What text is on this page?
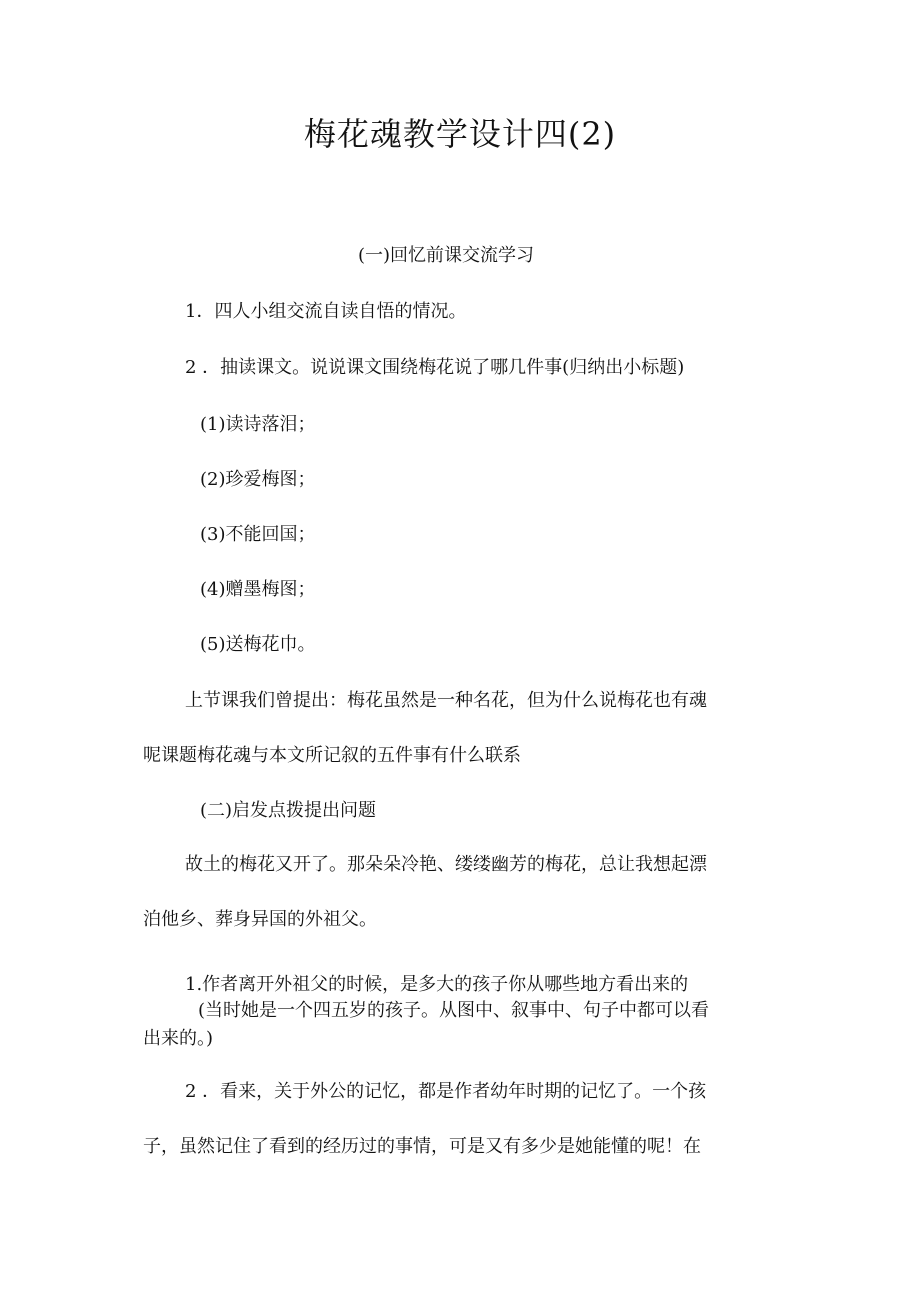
梅花魂教学设计四(2)
(一)回忆前课交流学习
1．四人小组交流自读自悟的情况。
2 ．抽读课文。说说课文围绕梅花说了哪几件事(归纳出小标题)
(1)读诗落泪；
(2)珍爱梅图；
(3)不能回国；
(4)赠墨梅图；
(5)送梅花巾。
上节课我们曾提出：梅花虽然是一种名花，但为什么说梅花也有魂
呢课题梅花魂与本文所记叙的五件事有什么联系
(二)启发点拨提出问题
故土的梅花又开了。那朵朵冷艳、缕缕幽芳的梅花，总让我想起漂
泊他乡、葬身异国的外祖父。
1.作者离开外祖父的时候，是多大的孩子你从哪些地方看出来的
(当时她是一个四五岁的孩子。从图中、叙事中、句子中都可以看
出来的。)
2 ．看来，关于外公的记忆，都是作者幼年时期的记忆了。一个孩
子，虽然记住了看到的经历过的事情，可是又有多少是她能懂的呢！在
